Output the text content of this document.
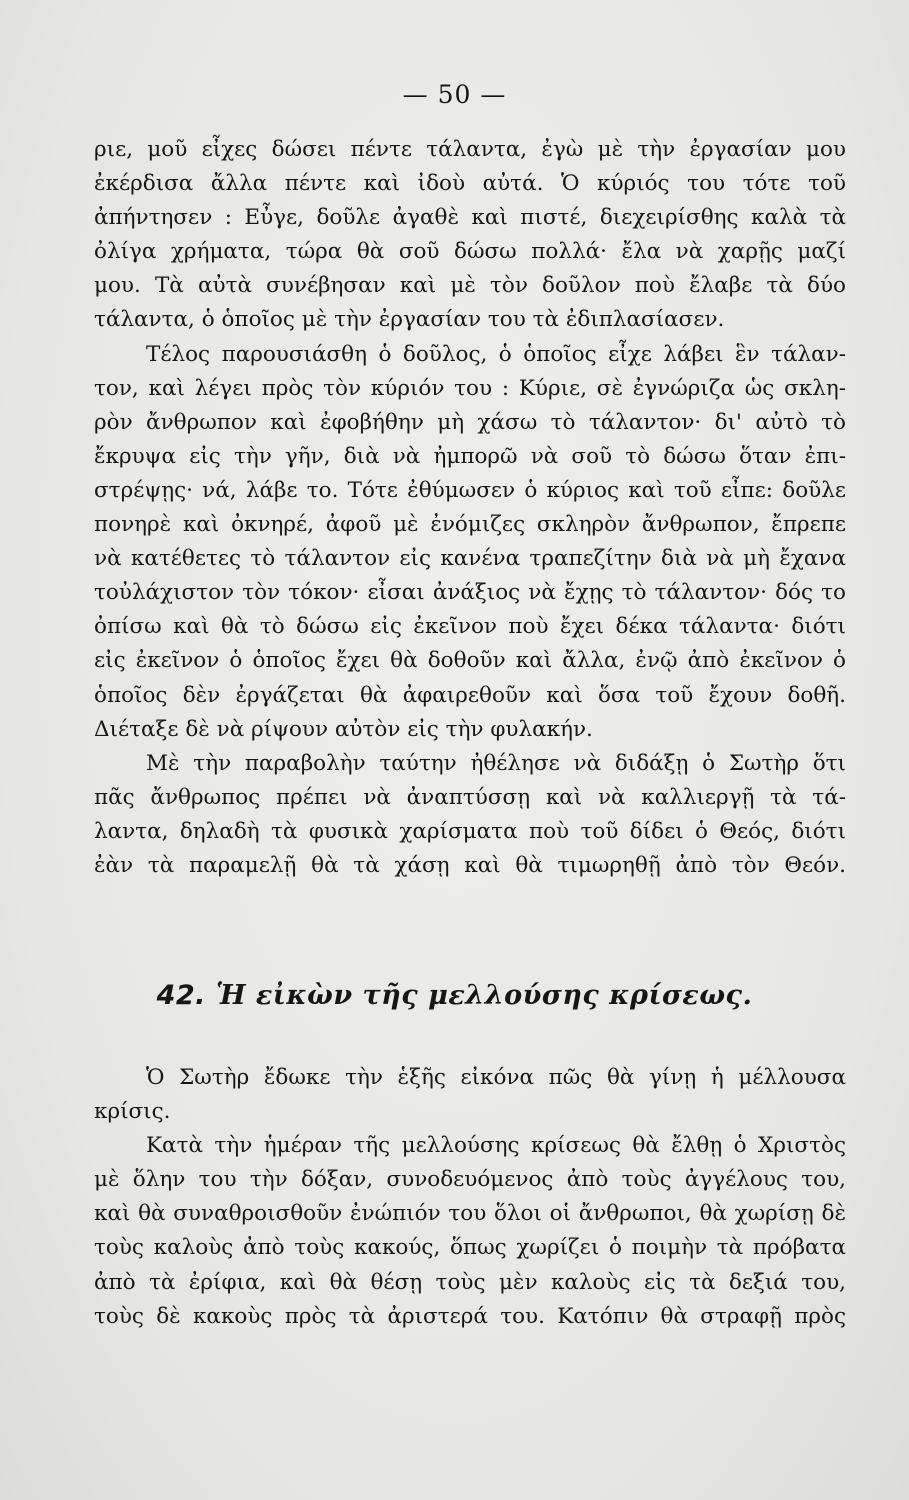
— 50 —
ριε, μοῦ εἶχες δώσει πέντε τάλαντα, ἐγὼ μὲ τὴν ἐργασίαν μου
ἐκέρδισα ἄλλα πέντε καὶ ἰδοὺ αὐτά. Ὁ κύριός του τότε τοῦ
ἀπήντησεν : Εὖγε, δοῦλε ἀγαθὲ καὶ πιστέ, διεχειρίσθης καλὰ τὰ
ὀλίγα χρήματα, τώρα θὰ σοῦ δώσω πολλά· ἔλα νὰ χαρῇς μαζί
μου. Τὰ αὐτὰ συνέβησαν καὶ μὲ τὸν δοῦλον ποὺ ἔλαβε τὰ δύο
τάλαντα, ὁ ὁποῖος μὲ τὴν ἐργασίαν του τὰ ἐδιπλασίασεν.
Τέλος παρουσιάσθη ὁ δοῦλος, ὁ ὁποῖος εἶχε λάβει ἓν τάλαν-
τον, καὶ λέγει πρὸς τὸν κύριόν του : Κύριε, σὲ ἐγνώριζα ὡς σκλη-
ρὸν ἄνθρωπον καὶ ἐφοβήθην μὴ χάσω τὸ τάλαντον· δι' αὐτὸ τὸ
ἔκρυψα εἰς τὴν γῆν, διὰ νὰ ἠμπορῶ νὰ σοῦ τὸ δώσω ὅταν ἐπι-
στρέψῃς· νά, λάβε το. Τότε ἐθύμωσεν ὁ κύριος καὶ τοῦ εἶπε: δοῦλε
πονηρὲ καὶ ὀκνηρέ, ἀφοῦ μὲ ἐνόμιζες σκληρὸν ἄνθρωπον, ἔπρεπε
νὰ κατέθετες τὸ τάλαντον εἰς κανένα τραπεζίτην διὰ νὰ μὴ ἔχανα
τοὐλάχιστον τὸν τόκον· εἶσαι ἀνάξιος νὰ ἔχῃς τὸ τάλαντον· δός το
ὀπίσω καὶ θὰ τὸ δώσω εἰς ἐκεῖνον ποὺ ἔχει δέκα τάλαντα· διότι
εἰς ἐκεῖνον ὁ ὁποῖος ἔχει θὰ δοθοῦν καὶ ἄλλα, ἐνῷ ἀπὸ ἐκεῖνον ὁ
ὁποῖος δὲν ἐργάζεται θὰ ἀφαιρεθοῦν καὶ ὅσα τοῦ ἔχουν δοθῆ.
Διέταξε δὲ νὰ ρίψουν αὐτὸν εἰς τὴν φυλακήν.
Μὲ τὴν παραβολὴν ταύτην ἠθέλησε νὰ διδάξῃ ὁ Σωτὴρ ὅτι
πᾶς ἄνθρωπος πρέπει νὰ ἀναπτύσσῃ καὶ νὰ καλλιεργῇ τὰ τά-
λαντα, δηλαδὴ τὰ φυσικὰ χαρίσματα ποὺ τοῦ δίδει ὁ Θεός, διότι
ἐὰν τὰ παραμελῇ θὰ τὰ χάσῃ καὶ θὰ τιμωρηθῇ ἀπὸ τὸν Θεόν.
42. Ἡ εἰκὼν τῆς μελλούσης κρίσεως.
Ὁ Σωτὴρ ἔδωκε τὴν ἑξῆς εἰκόνα πῶς θὰ γίνῃ ἡ μέλλουσα
κρίσις.
Κατὰ τὴν ἡμέραν τῆς μελλούσης κρίσεως θὰ ἔλθῃ ὁ Χριστὸς
μὲ ὅλην του τὴν δόξαν, συνοδευόμενος ἀπὸ τοὺς ἀγγέλους του,
καὶ θὰ συναθροισθοῦν ἐνώπιόν του ὅλοι οἱ ἄνθρωποι, θὰ χωρίσῃ δὲ
τοὺς καλοὺς ἀπὸ τοὺς κακούς, ὅπως χωρίζει ὁ ποιμὴν τὰ πρόβατα
ἀπὸ τὰ ἐρίφια, καὶ θὰ θέσῃ τοὺς μὲν καλοὺς εἰς τὰ δεξιά του,
τοὺς δὲ κακοὺς πρὸς τὰ ἀριστερά του. Κατόπιν θὰ στραφῇ πρὸς
